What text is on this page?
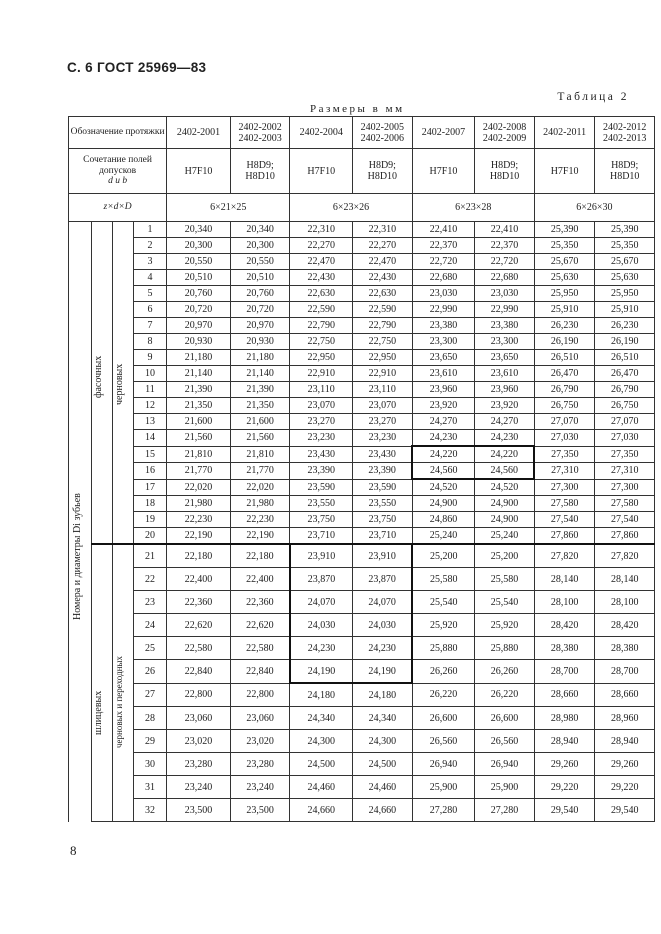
С. 6 ГОСТ 25969—83
Таблица 2
Размеры в мм
Обозначение протяжки				2402-2001	2402-2002 2402-2003	2402-2004	2402-2005 2402-2006	2402-2007	2402-2008 2402-2009	2402-2011	2402-2012 2402-2013
Сочетание полей допусков
d и b				Н7F10	H8D9; H8D10	H7F10	H8D9; H8D10	H7F10	H8D9; H8D10	H7F10	H8D9; H8D10
z×d×D				6×21×25		6×23×26		6×23×28		6×26×30	
			1	20,340	20,340	22,310	22,310	22,410	22,410	25,390	25,390
			2	20,300	20,300	22,270	22,270	22,370	22,370	25,350	25,350
			3	20,550	20,550	22,470	22,470	22,720	22,720	25,670	25,670
			4	20,510	20,510	22,430	22,430	22,680	22,680	25,630	25,630
			5	20,760	20,760	22,630	22,630	23,030	23,030	25,950	25,950
			6	20,720	20,720	22,590	22,590	22,990	22,990	25,910	25,910
			7	20,970	20,970	22,790	22,790	23,380	23,380	26,230	26,230
			8	20,930	20,930	22,750	22,750	23,300	23,300	26,190	26,190
			9	21,180	21,180	22,950	22,950	23,650	23,650	26,510	26,510
			10	21,140	21,140	22,910	22,910	23,610	23,610	26,470	26,470
			11	21,390	21,390	23,110	23,110	23,960	23,960	26,790	26,790
			12	21,350	21,350	23,070	23,070	23,920	23,920	26,750	26,750
			13	21,600	21,600	23,270	23,270	24,270	24,270	27,070	27,070
			14	21,560	21,560	23,230	23,230	24,230	24,230	27,030	27,030
			15	21,810	21,810	23,430	23,430	24,220	24,220	27,350	27,350
			16	21,770	21,770	23,390	23,390	24,560	24,560	27,310	27,310
			17	22,020	22,020	23,590	23,590	24,520	24,520	27,300	27,300
			18	21,980	21,980	23,550	23,550	24,900	24,900	27,580	27,580
			19	22,230	22,230	23,750	23,750	24,860	24,900	27,540	27,540
			20	22,190	22,190	23,710	23,710	25,240	25,240	27,860	27,860
			21	22,180	22,180	23,910	23,910	25,200	25,200	27,820	27,820
			22	22,400	22,400	23,870	23,870	25,580	25,580	28,140	28,140
			23	22,360	22,360	24,070	24,070	25,540	25,540	28,100	28,100
			24	22,620	22,620	24,030	24,030	25,920	25,920	28,420	28,420
			25	22,580	22,580	24,230	24,230	25,880	25,880	28,380	28,380
			26	22,840	22,840	24,190	24,190	26,260	26,260	28,700	28,700
			27	22,800	22,800	24,180	24,180	26,220	26,220	28,660	28,660
			28	23,060	23,060	24,340	24,340	26,600	26,600	28,980	28,960
			29	23,020	23,020	24,300	24,300	26,560	26,560	28,940	28,940
			30	23,280	23,280	24,500	24,500	26,940	26,940	29,260	29,260
			31	23,240	23,240	24,460	24,460	25,900	25,900	29,220	29,220
			32	23,500	23,500	24,660	24,660	27,280	27,280	29,540	29,540
Номера и диаметры Di зубьев
фасочных черновых
шлицевых черновых и переходных
8
